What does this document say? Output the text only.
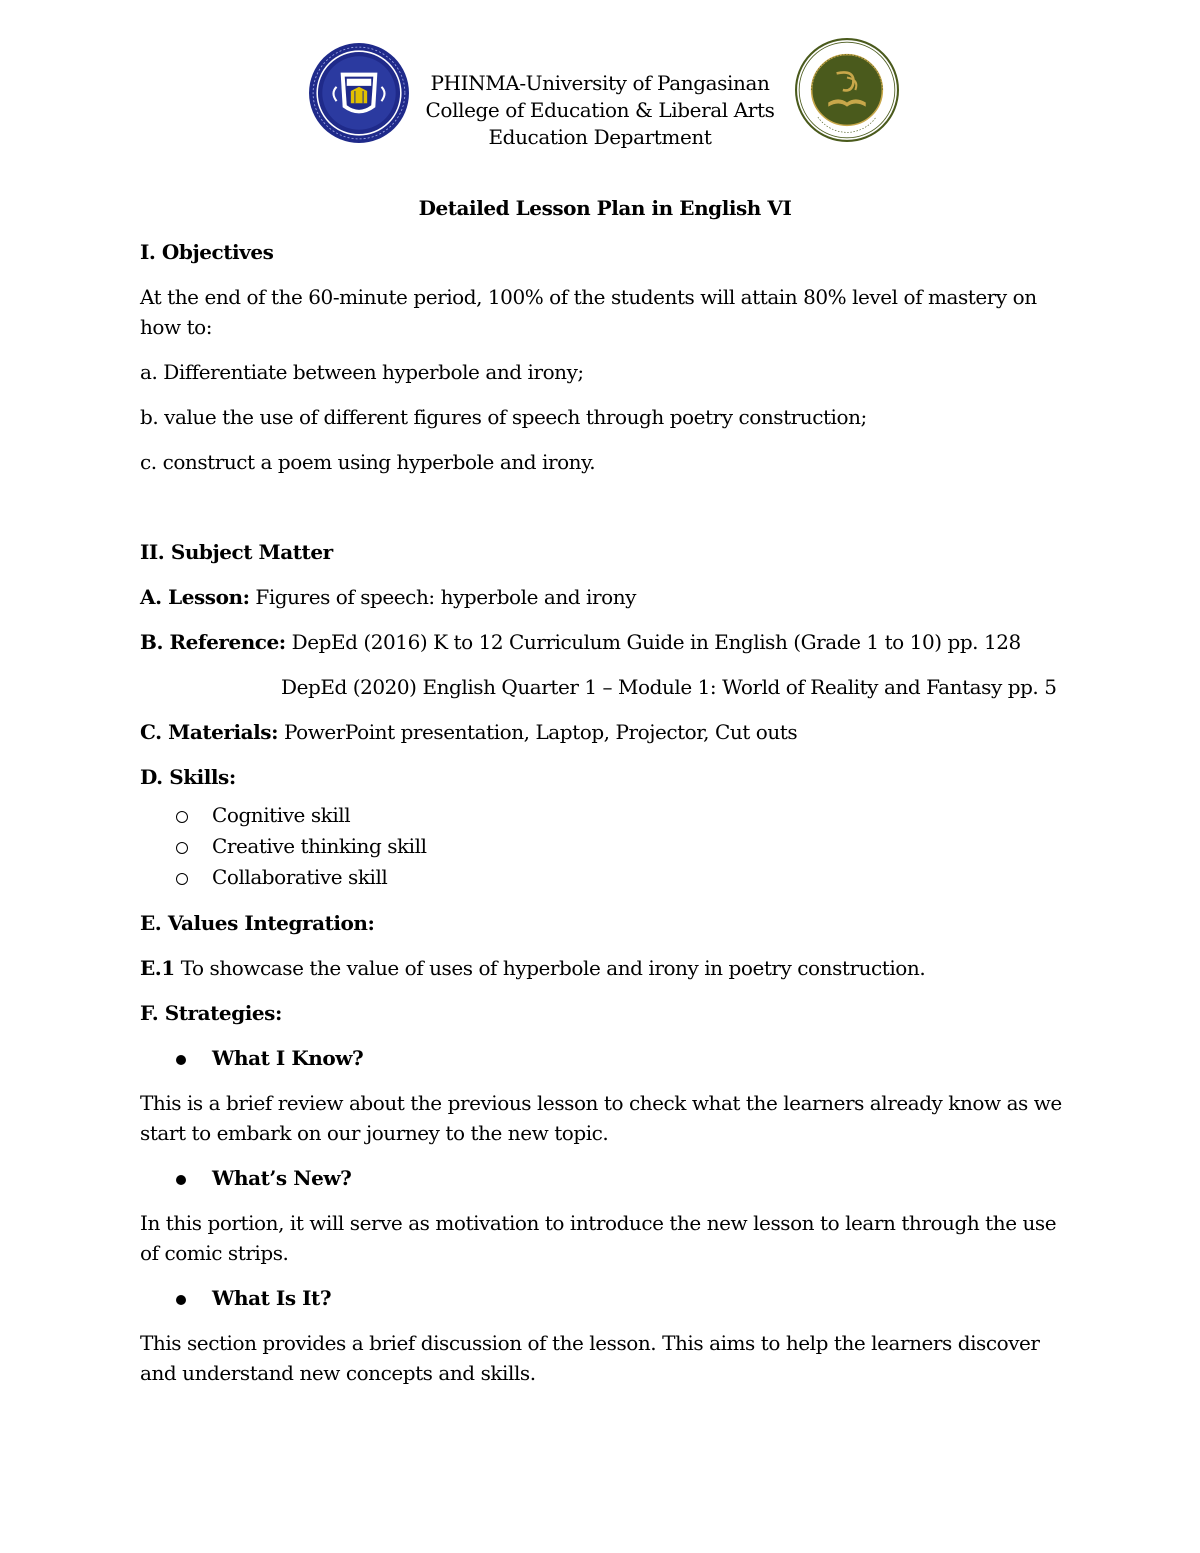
PHINMA-University of Pangasinan
College of Education & Liberal Arts
Education Department
Detailed Lesson Plan in English VI
I. Objectives
At the end of the 60-minute period, 100% of the students will attain 80% level of mastery on how to:
a. Differentiate between hyperbole and irony;
b. value the use of different figures of speech through poetry construction;
c. construct a poem using hyperbole and irony.
II. Subject Matter
A. Lesson: Figures of speech: hyperbole and irony
B. Reference: DepEd (2016) K to 12 Curriculum Guide in English (Grade 1 to 10) pp. 128
DepEd (2020) English Quarter 1 – Module 1: World of Reality and Fantasy pp. 5
C. Materials: PowerPoint presentation, Laptop, Projector, Cut outs
D. Skills:
Cognitive skill
Creative thinking skill
Collaborative skill
E. Values Integration:
E.1 To showcase the value of uses of hyperbole and irony in poetry construction.
F. Strategies:
What I Know?
This is a brief review about the previous lesson to check what the learners already know as we start to embark on our journey to the new topic.
What’s New?
In this portion, it will serve as motivation to introduce the new lesson to learn through the use of comic strips.
What Is It?
This section provides a brief discussion of the lesson. This aims to help the learners discover and understand new concepts and skills.
